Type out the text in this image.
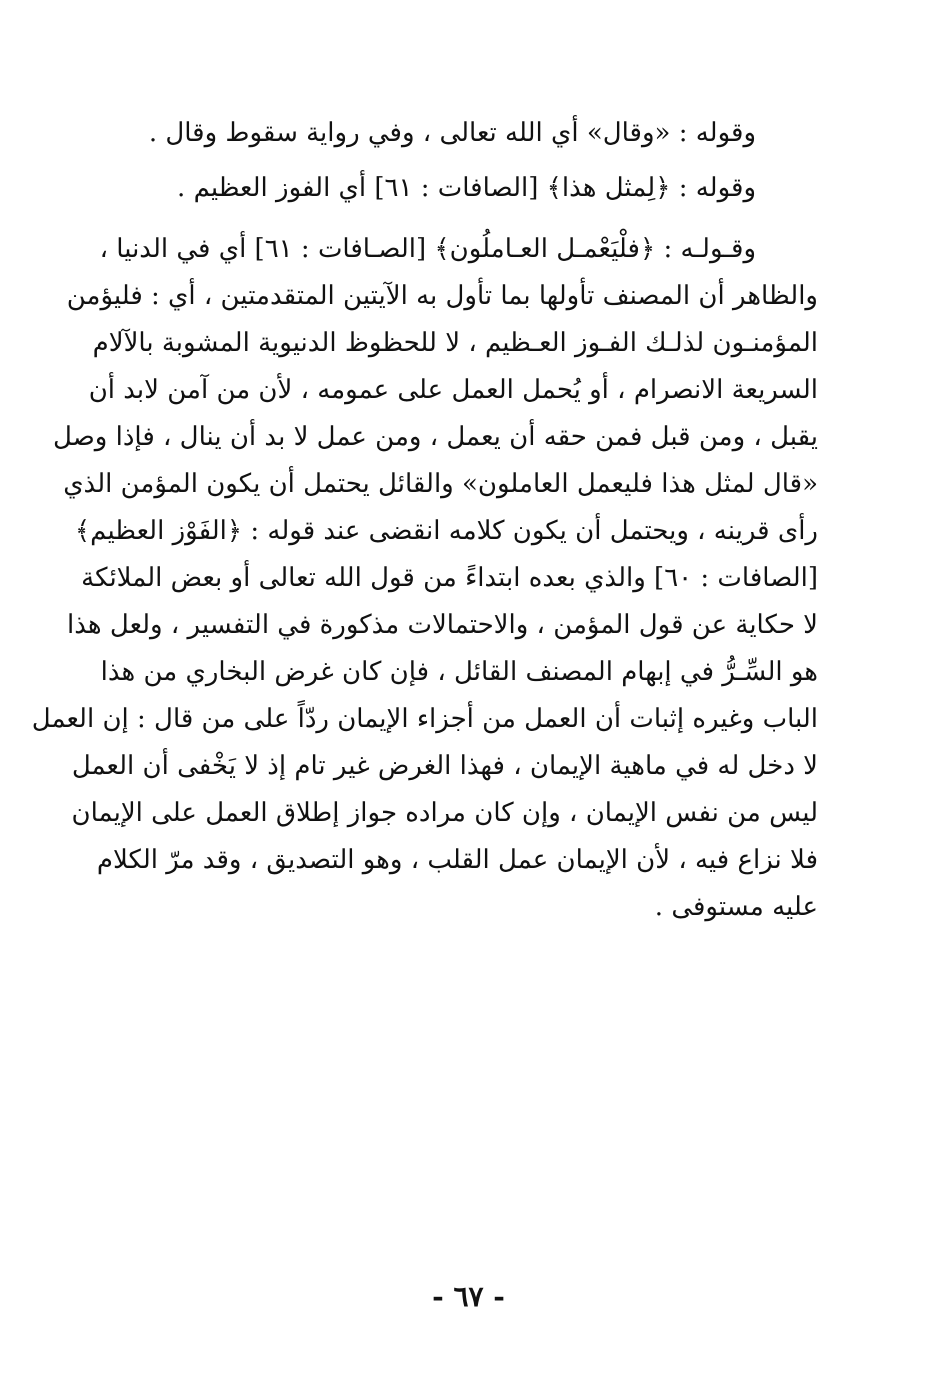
وقوله : «وقال» أي الله تعالى ، وفي رواية سقوط وقال .
وقوله : ﴿لِمثل هذا﴾ [الصافات : ٦١] أي الفوز العظيم .
وقـولـه : ﴿فلْيَعْمـل العـاملُون﴾ [الصـافات : ٦١] أي في الدنيا ،
والظاهر أن المصنف تأولها بما تأول به الآيتين المتقدمتين ، أي : فليؤمن
المؤمنـون لذلـك الفـوز العـظيم ، لا للحظوظ الدنيوية المشوبة بالآلام
السريعة الانصرام ، أو يُحمل العمل على عمومه ، لأن من آمن لابد أن
يقبل ، ومن قبل فمن حقه أن يعمل ، ومن عمل لا بد أن ينال ، فإذا وصل
«قال لمثل هذا فليعمل العاملون» والقائل يحتمل أن يكون المؤمن الذي
رأى قرينه ، ويحتمل أن يكون كلامه انقضى عند قوله : ﴿الفَوْز العظيم﴾
[الصافات : ٦٠] والذي بعده ابتداءً من قول الله تعالى أو بعض الملائكة
لا حكاية عن قول المؤمن ، والاحتمالات مذكورة في التفسير ، ولعل هذا
هو السِّـرُّ في إبهام المصنف القائل ، فإن كان غرض البخاري من هذا
الباب وغيره إثبات أن العمل من أجزاء الإيمان ردّاً على من قال : إن العمل
لا دخل له في ماهية الإيمان ، فهذا الغرض غير تام إذ لا يَخْفى أن العمل
ليس من نفس الإيمان ، وإن كان مراده جواز إطلاق العمل على الإيمان
فلا نزاع فيه ، لأن الإيمان عمل القلب ، وهو التصديق ، وقد مرّ الكلام
عليه مستوفى .
- ٦٧ -
